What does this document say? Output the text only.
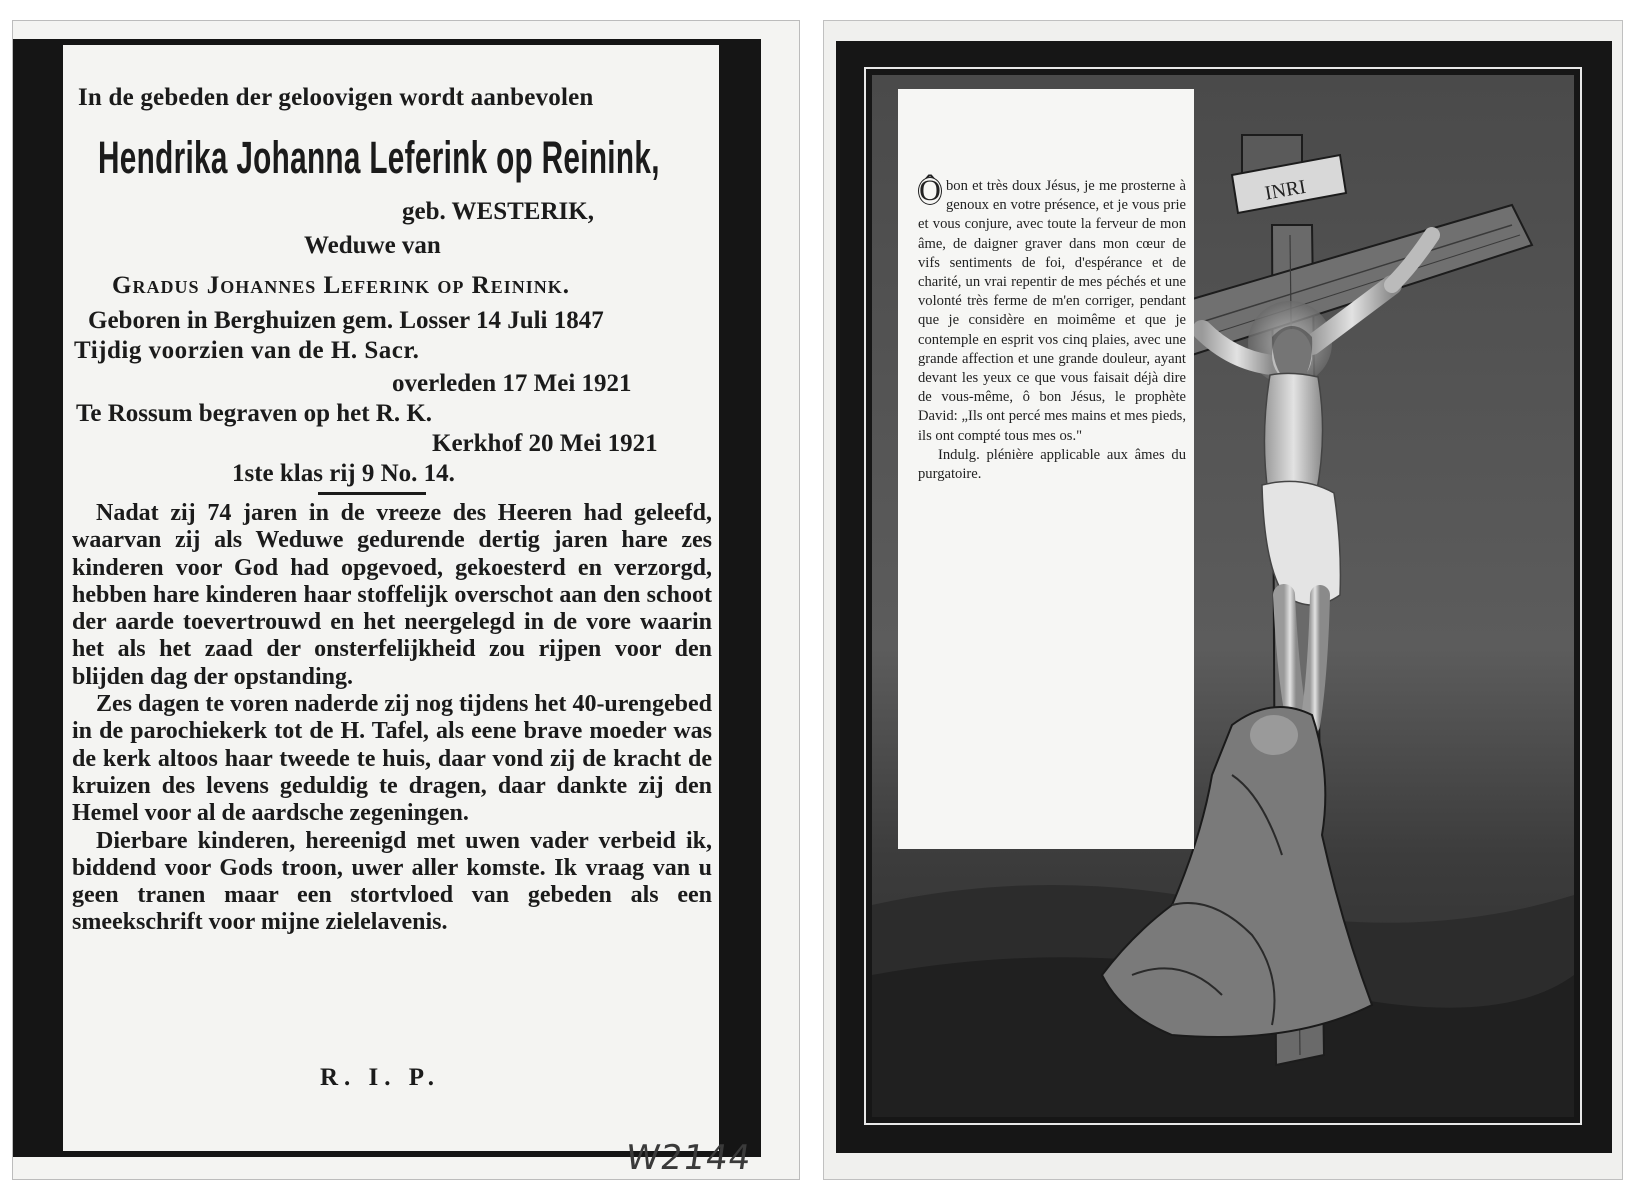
In de gebeden der geloovigen wordt aanbevolen
Hendrika Johanna Leferink op Reinink,
geb. WESTERIK,
Weduwe van
Gradus Johannes Leferink op Reinink.
Geboren in Berghuizen gem. Losser 14 Juli 1847
Tijdig voorzien van de H. Sacr.
overleden 17 Mei 1921
Te Rossum begraven op het R. K.
Kerkhof 20 Mei 1921
1ste klas rij 9 No. 14.

Nadat zij 74 jaren in de vreeze des Heeren had geleefd, waarvan zij als Weduwe gedurende dertig jaren hare zes kinderen voor God had opgevoed, gekoesterd en verzorgd, hebben hare kinderen haar stoffelijk overschot aan den schoot der aarde toevertrouwd en het neergelegd in de vore waarin het als het zaad der onsterfelijkheid zou rijpen voor den blijden dag der opstanding.

Zes dagen te voren naderde zij nog tijdens het 40-urengebed in de parochiekerk tot de H. Tafel, als eene brave moeder was de kerk altoos haar tweede te huis, daar vond zij de kracht de kruizen des levens geduldig te dragen, daar dankte zij den Hemel voor al de aardsche zegeningen.

Dierbare kinderen, hereenigd met uwen vader verbeid ik, biddend voor Gods troon, uwer aller komste. Ik vraag van u geen tranen maar een stortvloed van gebeden als een smeekschrift voor mijne zielelavenis.

R. I. P.
W2144
INRI

Ô bon et très doux Jésus, je me prosterne à genoux en votre présence, et je vous prie et vous conjure, avec toute la ferveur de mon âme, de daigner graver dans mon cœur de vifs sentiments de foi, d'espérance et de charité, un vrai repentir de mes péchés et une volonté très ferme de m'en corriger, pendant que je considère en moimême et que je contemple en esprit vos cinq plaies, avec une grande affection et une grande douleur, ayant devant les yeux ce que vous faisait déjà dire de vous-même, ô bon Jésus, le prophète David: „Ils ont percé mes mains et mes pieds, ils ont compté tous mes os."

Indulg. plénière applicable aux âmes du purgatoire.
